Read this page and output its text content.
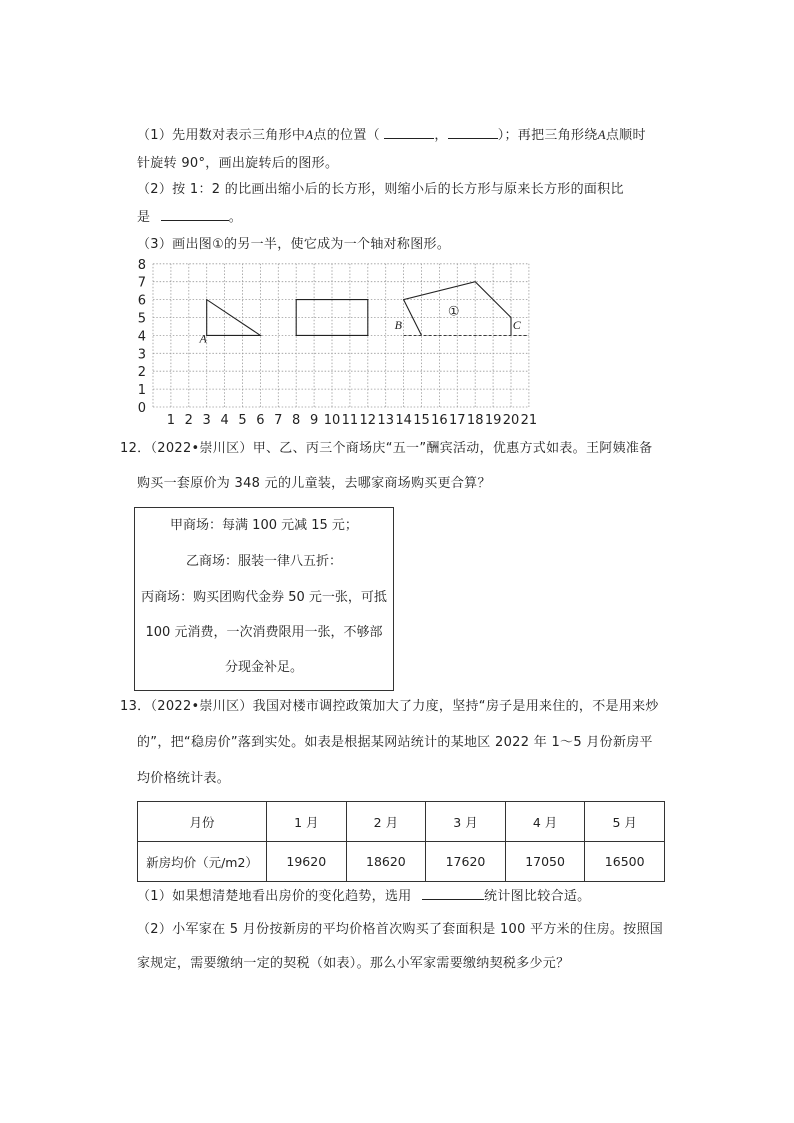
（1）先用数对表示三角形中A点的位置（	，	）；再把三角形绕A点顺时
针旋转 90°，画出旋转后的图形。
（2）按 1：2 的比画出缩小后的长方形，则缩小后的长方形与原来长方形的面积比
是	。
（3）画出图①的另一半，使它成为一个轴对称图形。
1 2 3 4 5 6 7 8 9 10 11 12 13 14 15 16 17 18 19 20 21
0
1
2
3
4
5
6
7
8
A
B	C
①
12．（2022•崇川区）甲、乙、丙三个商场庆“五一”酬宾活动，优惠方式如表。王阿姨准备
购买一套原价为 348 元的儿童装，去哪家商场购买更合算？
甲商场：每满 100 元减 15 元；
乙商场：服装一律八五折：
丙商场：购买团购代金券 50 元一张，可抵
100 元消费，一次消费限用一张，不够部
分现金补足。
13．（2022•崇川区）我国对楼市调控政策加大了力度，坚持“房子是用来住的，不是用来炒
的”，把“稳房价”落到实处。如表是根据某网站统计的某地区 2022 年 1～5 月份新房平
均价格统计表。
月份	1 月	2 月	3 月	4 月	5 月
新房均价（元/m2）	19620	18620	17620	17050	16500
（1）如果想清楚地看出房价的变化趋势，选用	统计图比较合适。
（2）小军家在 5 月份按新房的平均价格首次购买了套面积是 100 平方米的住房。按照国
家规定，需要缴纳一定的契税（如表）。那么小军家需要缴纳契税多少元？
